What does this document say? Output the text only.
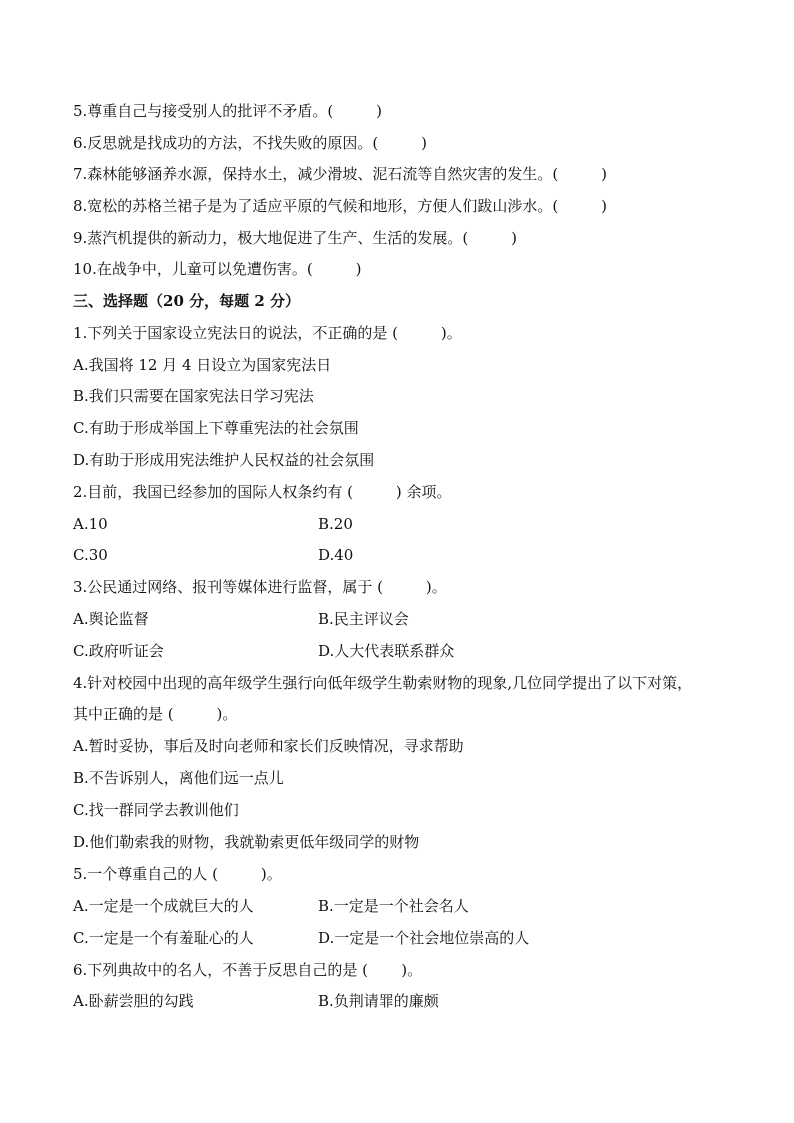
5.尊重自己与接受别人的批评不矛盾。(         )
6.反思就是找成功的方法，不找失败的原因。(         )
7.森林能够涵养水源，保持水土，减少滑坡、泥石流等自然灾害的发生。(         )
8.宽松的苏格兰裙子是为了适应平原的气候和地形，方便人们跋山涉水。(         )
9.蒸汽机提供的新动力，极大地促进了生产、生活的发展。(         )
10.在战争中，儿童可以免遭伤害。(         )
三、选择题（20 分，每题 2 分）
1.下列关于国家设立宪法日的说法，不正确的是 (         )。
A.我国将 12 月 4 日设立为国家宪法日
B.我们只需要在国家宪法日学习宪法
C.有助于形成举国上下尊重宪法的社会氛围
D.有助于形成用宪法维护人民权益的社会氛围
2.目前，我国已经参加的国际人权条约有 (         ) 余项。
A.10	B.20
C.30	D.40
3.公民通过网络、报刊等媒体进行监督，属于 (         )。
A.舆论监督	B.民主评议会
C.政府听证会	D.人大代表联系群众
4.针对校园中出现的高年级学生强行向低年级学生勒索财物的现象,几位同学提出了以下对策，
其中正确的是 (         )。
A.暂时妥协，事后及时向老师和家长们反映情况，寻求帮助
B.不告诉别人，离他们远一点儿
C.找一群同学去教训他们
D.他们勒索我的财物，我就勒索更低年级同学的财物
5.一个尊重自己的人 (         )。
A.一定是一个成就巨大的人	B.一定是一个社会名人
C.一定是一个有羞耻心的人	D.一定是一个社会地位崇高的人
6.下列典故中的名人，不善于反思自己的是 (       )。
A.卧薪尝胆的勾践	B.负荆请罪的廉颇
